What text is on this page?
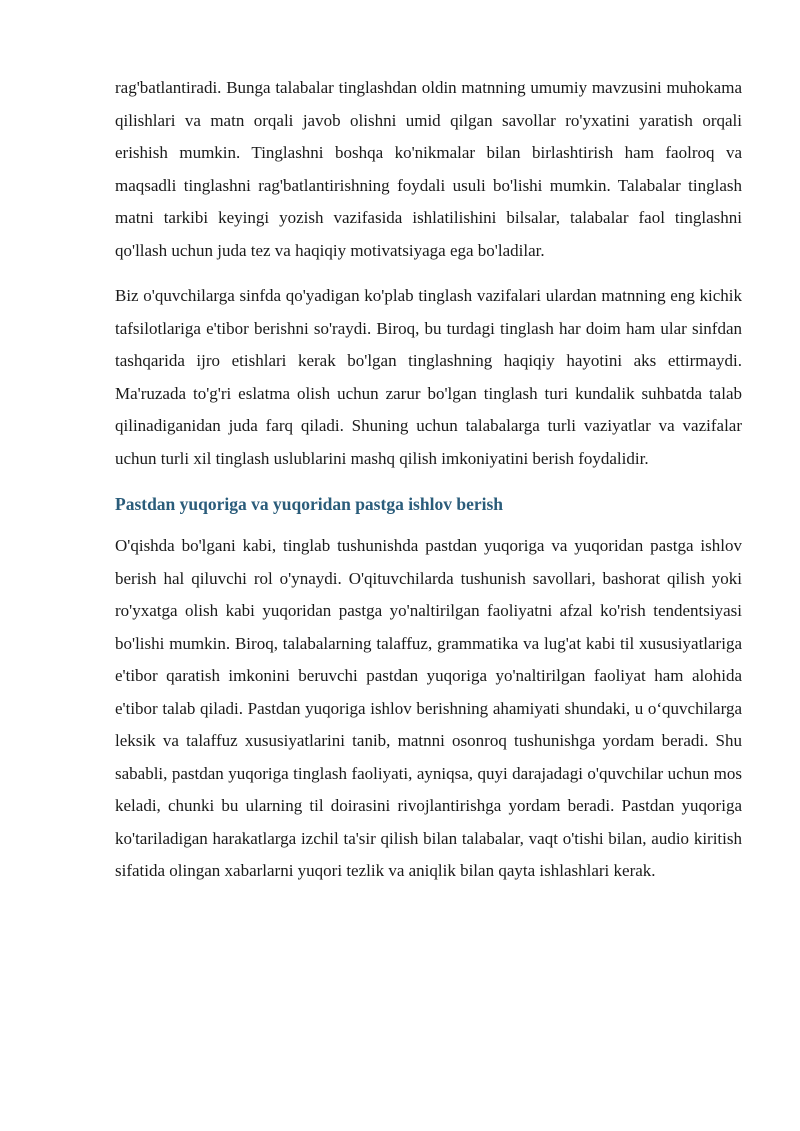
rag'batlantiradi. Bunga talabalar tinglashdan oldin matnning umumiy mavzusini muhokama qilishlari va matn orqali javob olishni umid qilgan savollar ro'yxatini yaratish orqali erishish mumkin. Tinglashni boshqa ko'nikmalar bilan birlashtirish ham faolroq va maqsadli tinglashni rag'batlantirishning foydali usuli bo'lishi mumkin. Talabalar tinglash matni tarkibi keyingi yozish vazifasida ishlatilishini bilsalar, talabalar faol tinglashni qo'llash uchun juda tez va haqiqiy motivatsiyaga ega bo'ladilar.

Biz o'quvchilarga sinfda qo'yadigan ko'plab tinglash vazifalari ulardan matnning eng kichik tafsilotlariga e'tibor berishni so'raydi. Biroq, bu turdagi tinglash har doim ham ular sinfdan tashqarida ijro etishlari kerak bo'lgan tinglashning haqiqiy hayotini aks ettirmaydi. Ma'ruzada to'g'ri eslatma olish uchun zarur bo'lgan tinglash turi kundalik suhbatda talab qilinadiganidan juda farq qiladi. Shuning uchun talabalarga turli vaziyatlar va vazifalar uchun turli xil tinglash uslublarini mashq qilish imkoniyatini berish foydalidir.

Pastdan yuqoriga va yuqoridan pastga ishlov berish

O'qishda bo'lgani kabi, tinglab tushunishda pastdan yuqoriga va yuqoridan pastga ishlov berish hal qiluvchi rol o'ynaydi. O'qituvchilarda tushunish savollari, bashorat qilish yoki ro'yxatga olish kabi yuqoridan pastga yo'naltirilgan faoliyatni afzal ko'rish tendentsiyasi bo'lishi mumkin. Biroq, talabalarning talaffuz, grammatika va lug'at kabi til xususiyatlariga e'tibor qaratish imkonini beruvchi pastdan yuqoriga yo'naltirilgan faoliyat ham alohida e'tibor talab qiladi. Pastdan yuqoriga ishlov berishning ahamiyati shundaki, u o‘quvchilarga leksik va talaffuz xususiyatlarini tanib, matnni osonroq tushunishga yordam beradi. Shu sababli, pastdan yuqoriga tinglash faoliyati, ayniqsa, quyi darajadagi o'quvchilar uchun mos keladi, chunki bu ularning til doirasini rivojlantirishga yordam beradi. Pastdan yuqoriga ko'tariladigan harakatlarga izchil ta'sir qilish bilan talabalar, vaqt o'tishi bilan, audio kiritish sifatida olingan xabarlarni yuqori tezlik va aniqlik bilan qayta ishlashlari kerak.
